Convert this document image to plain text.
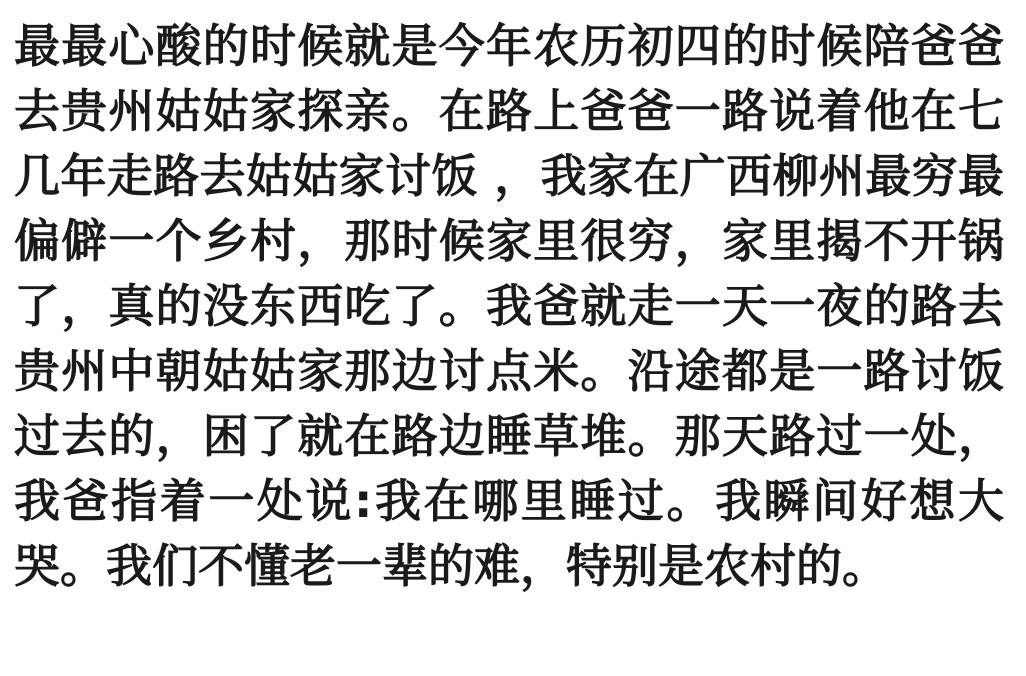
最最心酸的时候就是今年农历初四的时候陪爸爸去贵州姑姑家探亲。在路上爸爸一路说着他在七几年走路去姑姑家讨饭 ，我家在广西柳州最穷最偏僻一个乡村，那时候家里很穷，家里揭不开锅了，真的没东西吃了。我爸就走一天一夜的路去贵州中朝姑姑家那边讨点米。沿途都是一路讨饭过去的，困了就在路边睡草堆。那天路过一处，我爸指着一处说:我在哪里睡过。我瞬间好想大哭。我们不懂老一辈的难，特别是农村的。
